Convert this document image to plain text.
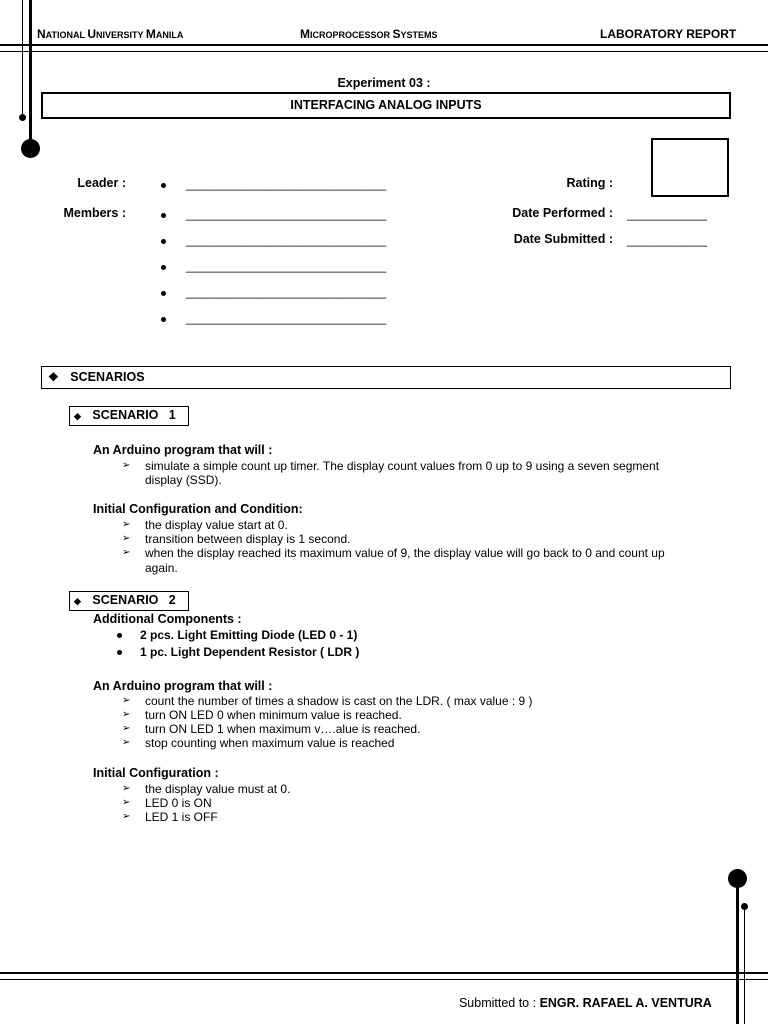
NATIONAL UNIVERSITY MANILA	MICROPROCESSOR SYSTEMS	LABORATORY REPORT
Experiment 03 :
INTERFACING ANALOG INPUTS
Leader :
Members :
______________________________
______________________________
______________________________
______________________________
______________________________
______________________________
Rating :
Date Performed :
Date Submitted :
____________
____________
❖ SCENARIOS
◆ SCENARIO   1
An Arduino program that will :
➢ simulate a simple count up timer. The display count values from 0 up to 9 using a seven segment
display (SSD).
Initial Configuration and Condition:
➢ the display value start at 0.
➢ transition between display is 1 second.
➢ when the display reached its maximum value of 9, the display value will go back to 0 and count up
again.
◆ SCENARIO   2
Additional Components :
2 pcs. Light Emitting Diode (LED 0 - 1)
1 pc. Light Dependent Resistor ( LDR )
An Arduino program that will :
➢ count the number of times a shadow is cast on the LDR. ( max value : 9 )
➢ turn ON LED 0 when minimum value is reached.
➢ turn ON LED 1 when maximum v….alue is reached.
➢ stop counting when maximum value is reached
Initial Configuration :
➢ the display value must at 0.
➢ LED 0 is ON
➢ LED 1 is OFF

Submitted to : ENGR. RAFAEL A. VENTURA
